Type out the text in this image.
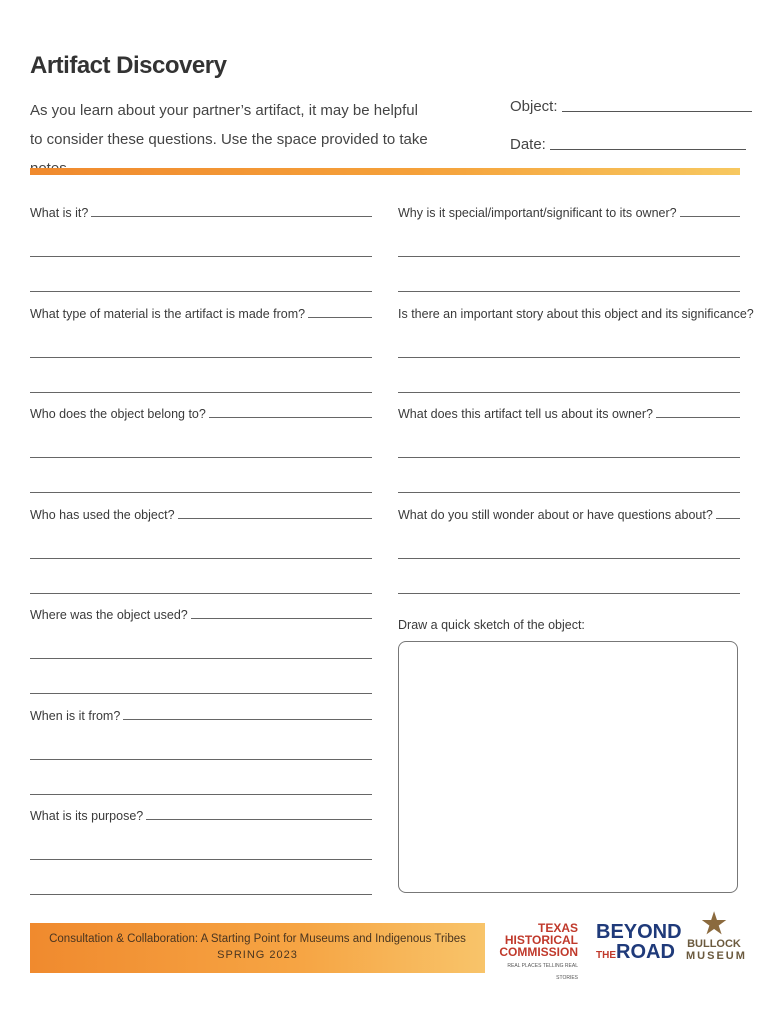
Artifact Discovery
As you learn about your partner’s artifact, it may be helpful to consider these questions. Use the space provided to take
Object:
Date:
What is it?
What type of material is the artifact is made from?
Who does the object belong to?
Who has used the object?
Where was the object used?
When is it from?
What is its purpose?
Why is it special/important/significant to its owner?
Is there an important story about this object and its significance?
What does this artifact tell us about its owner?
What do you still wonder about or have questions about?
Draw a quick sketch of the object:
Consultation & Collaboration: A Starting Point for Museums and Indigenous Tribes
SPRING 2023
TEXAS
HISTORICAL
COMMISSION
REAL PLACES TELLING REAL STORIES
BEYOND
THEROAD
★
BULLOCK
MUSEUM
